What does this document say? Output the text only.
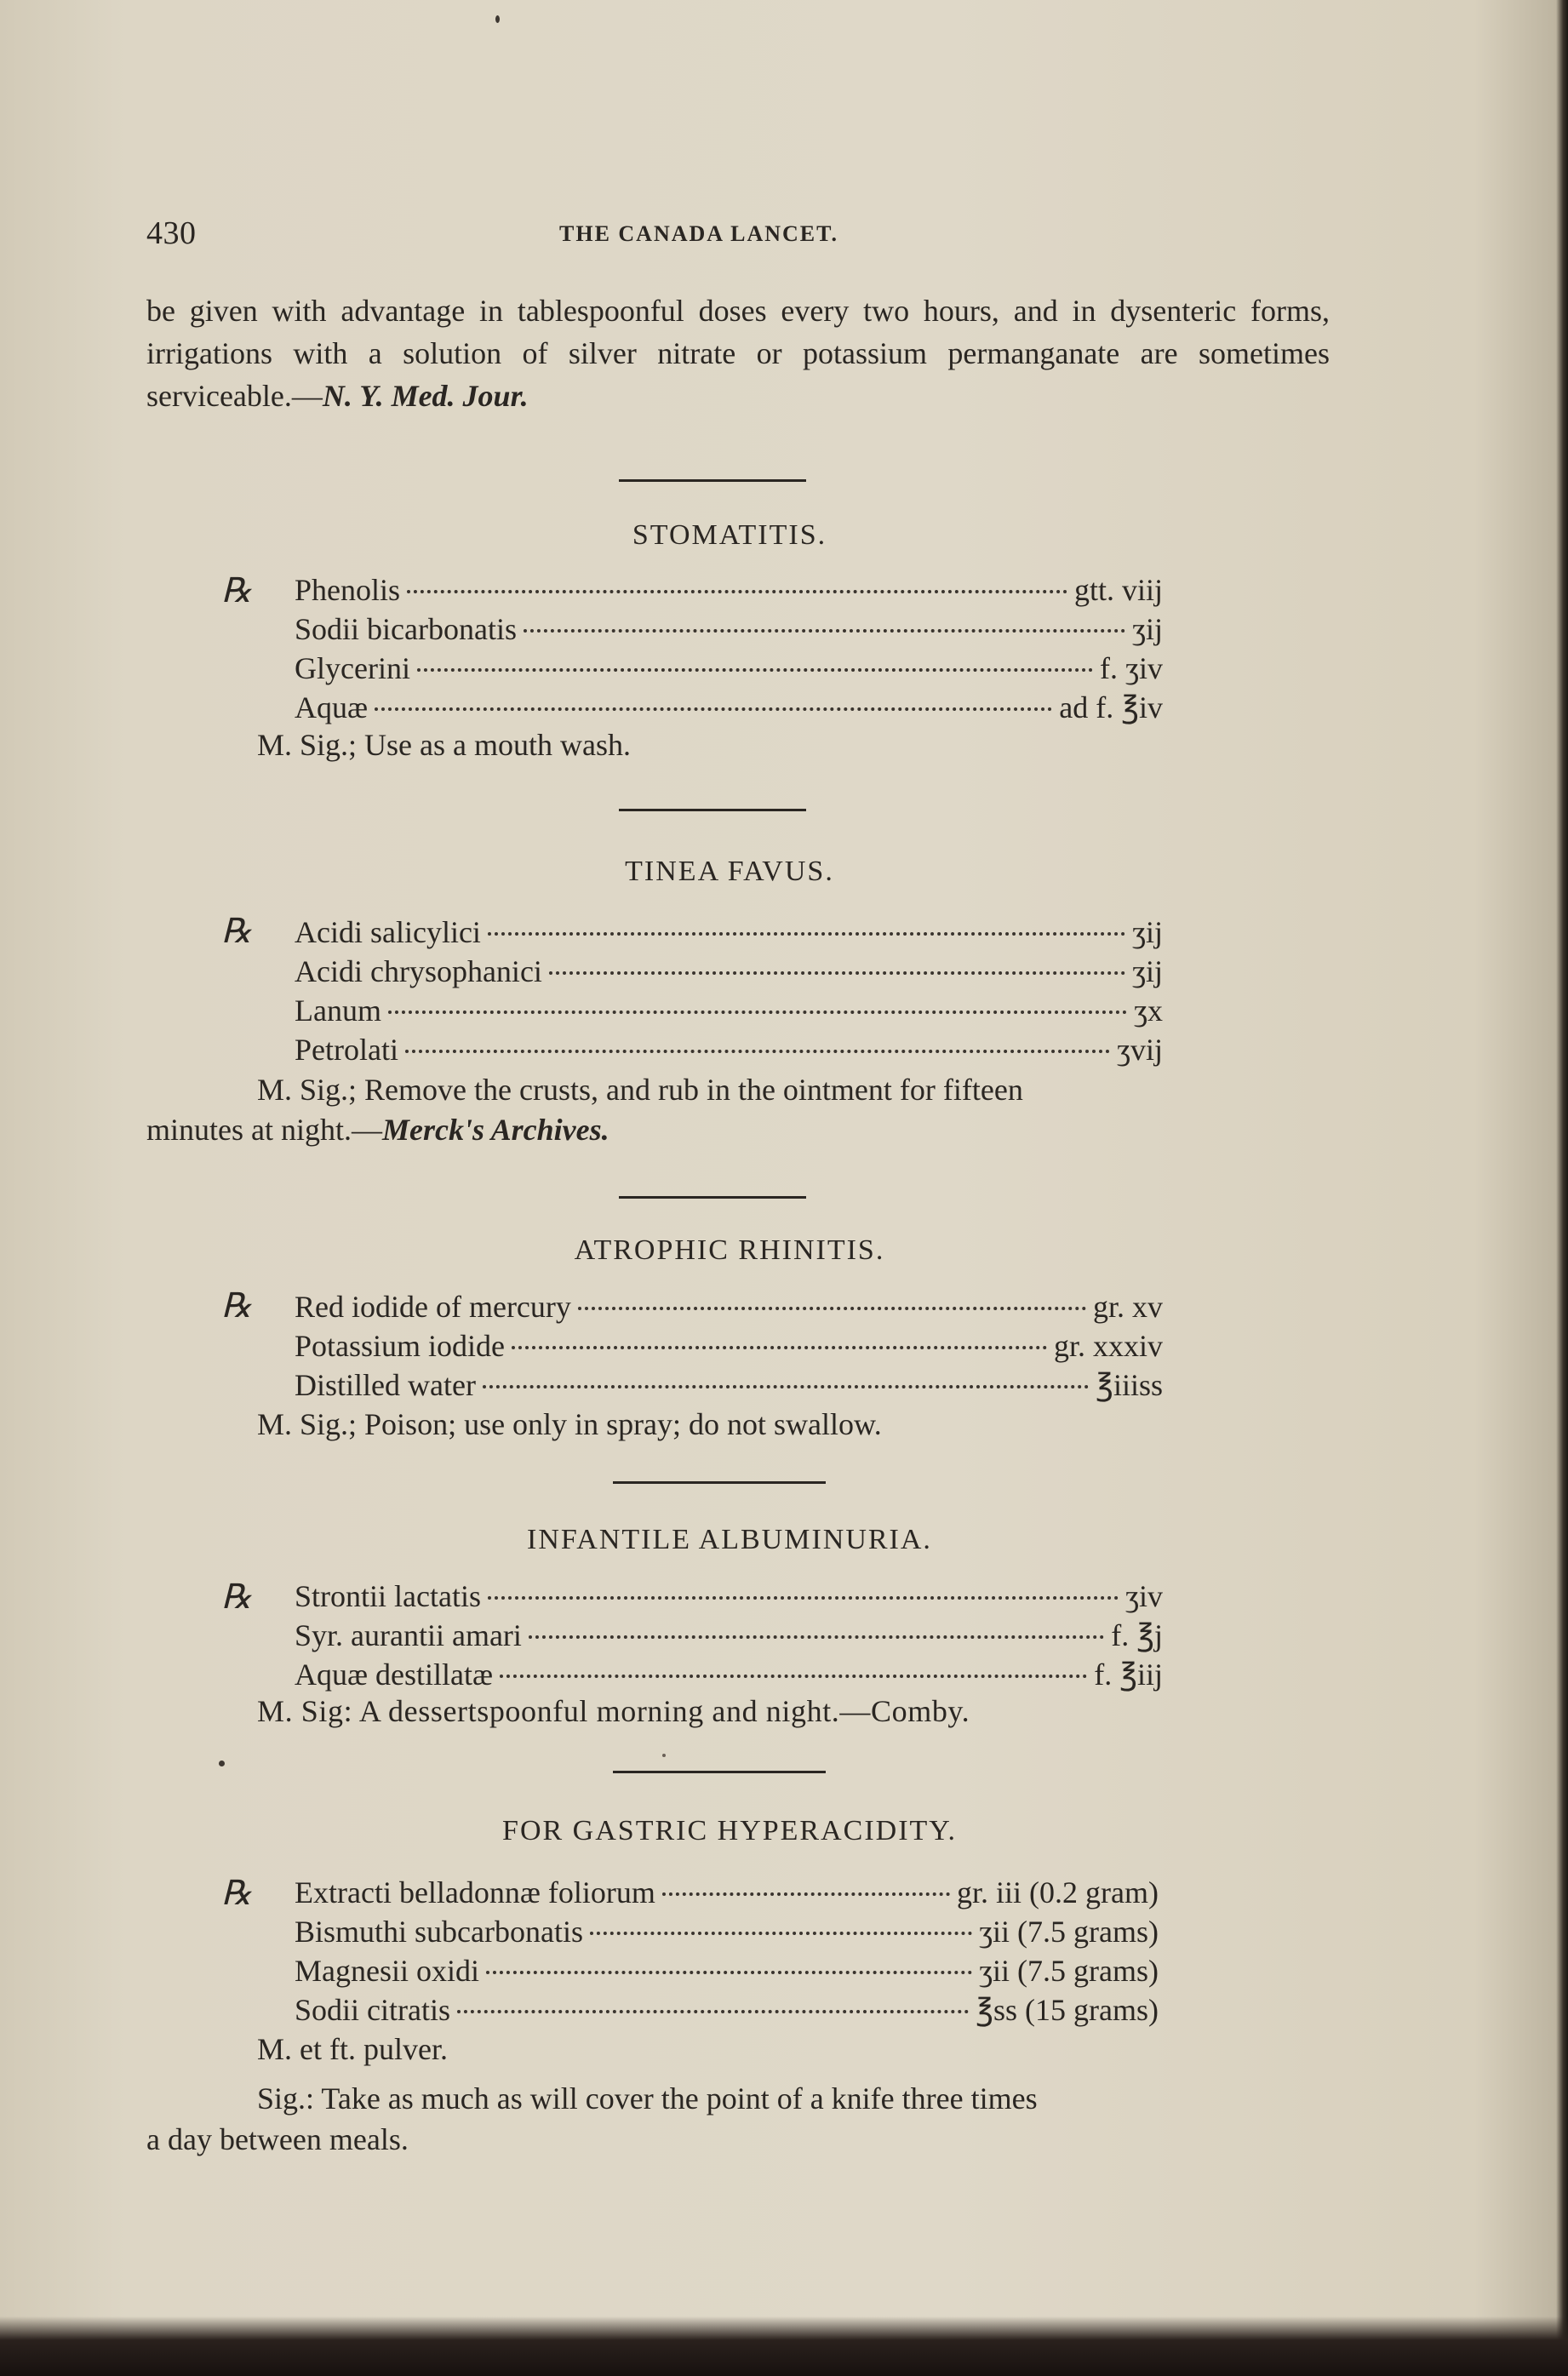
430	THE CANADA LANCET.
be given with advantage in tablespoonful doses every two hours, and in dysenteric forms, irrigations with a solution of silver nitrate or potassium permanganate are sometimes serviceable.—N. Y. Med. Jour.
STOMATITIS.
℞ Phenolis	gtt. viij
Sodii bicarbonatis	ʒij
Glycerini	f. ʒiv
Aquæ	ad f. ℥iv
M. Sig.; Use as a mouth wash.
TINEA FAVUS.
℞ Acidi salicylici	ʒij
Acidi chrysophanici	ʒij
Lanum	ʒx
Petrolati	ʒvij
M. Sig.; Remove the crusts, and rub in the ointment for fifteen
minutes at night.—Merck's Archives.
ATROPHIC RHINITIS.
℞ Red iodide of mercury	gr. xv
Potassium iodide	gr. xxxiv
Distilled water	℥iiiss
M. Sig.; Poison; use only in spray; do not swallow.
INFANTILE ALBUMINURIA.
℞ Strontii lactatis	ʒiv
Syr. aurantii amari	f. ℥j
Aquæ destillatæ	f. ℥iij
M. Sig: A dessertspoonful morning and night.—Comby.
FOR GASTRIC HYPERACIDITY.
℞ Extracti belladonnæ foliorum	gr. iii (0.2 gram)
Bismuthi subcarbonatis	ʒii (7.5 grams)
Magnesii oxidi	ʒii (7.5 grams)
Sodii citratis	℥ss (15 grams)
M. et ft. pulver.
Sig.: Take as much as will cover the point of a knife three times
a day between meals.
